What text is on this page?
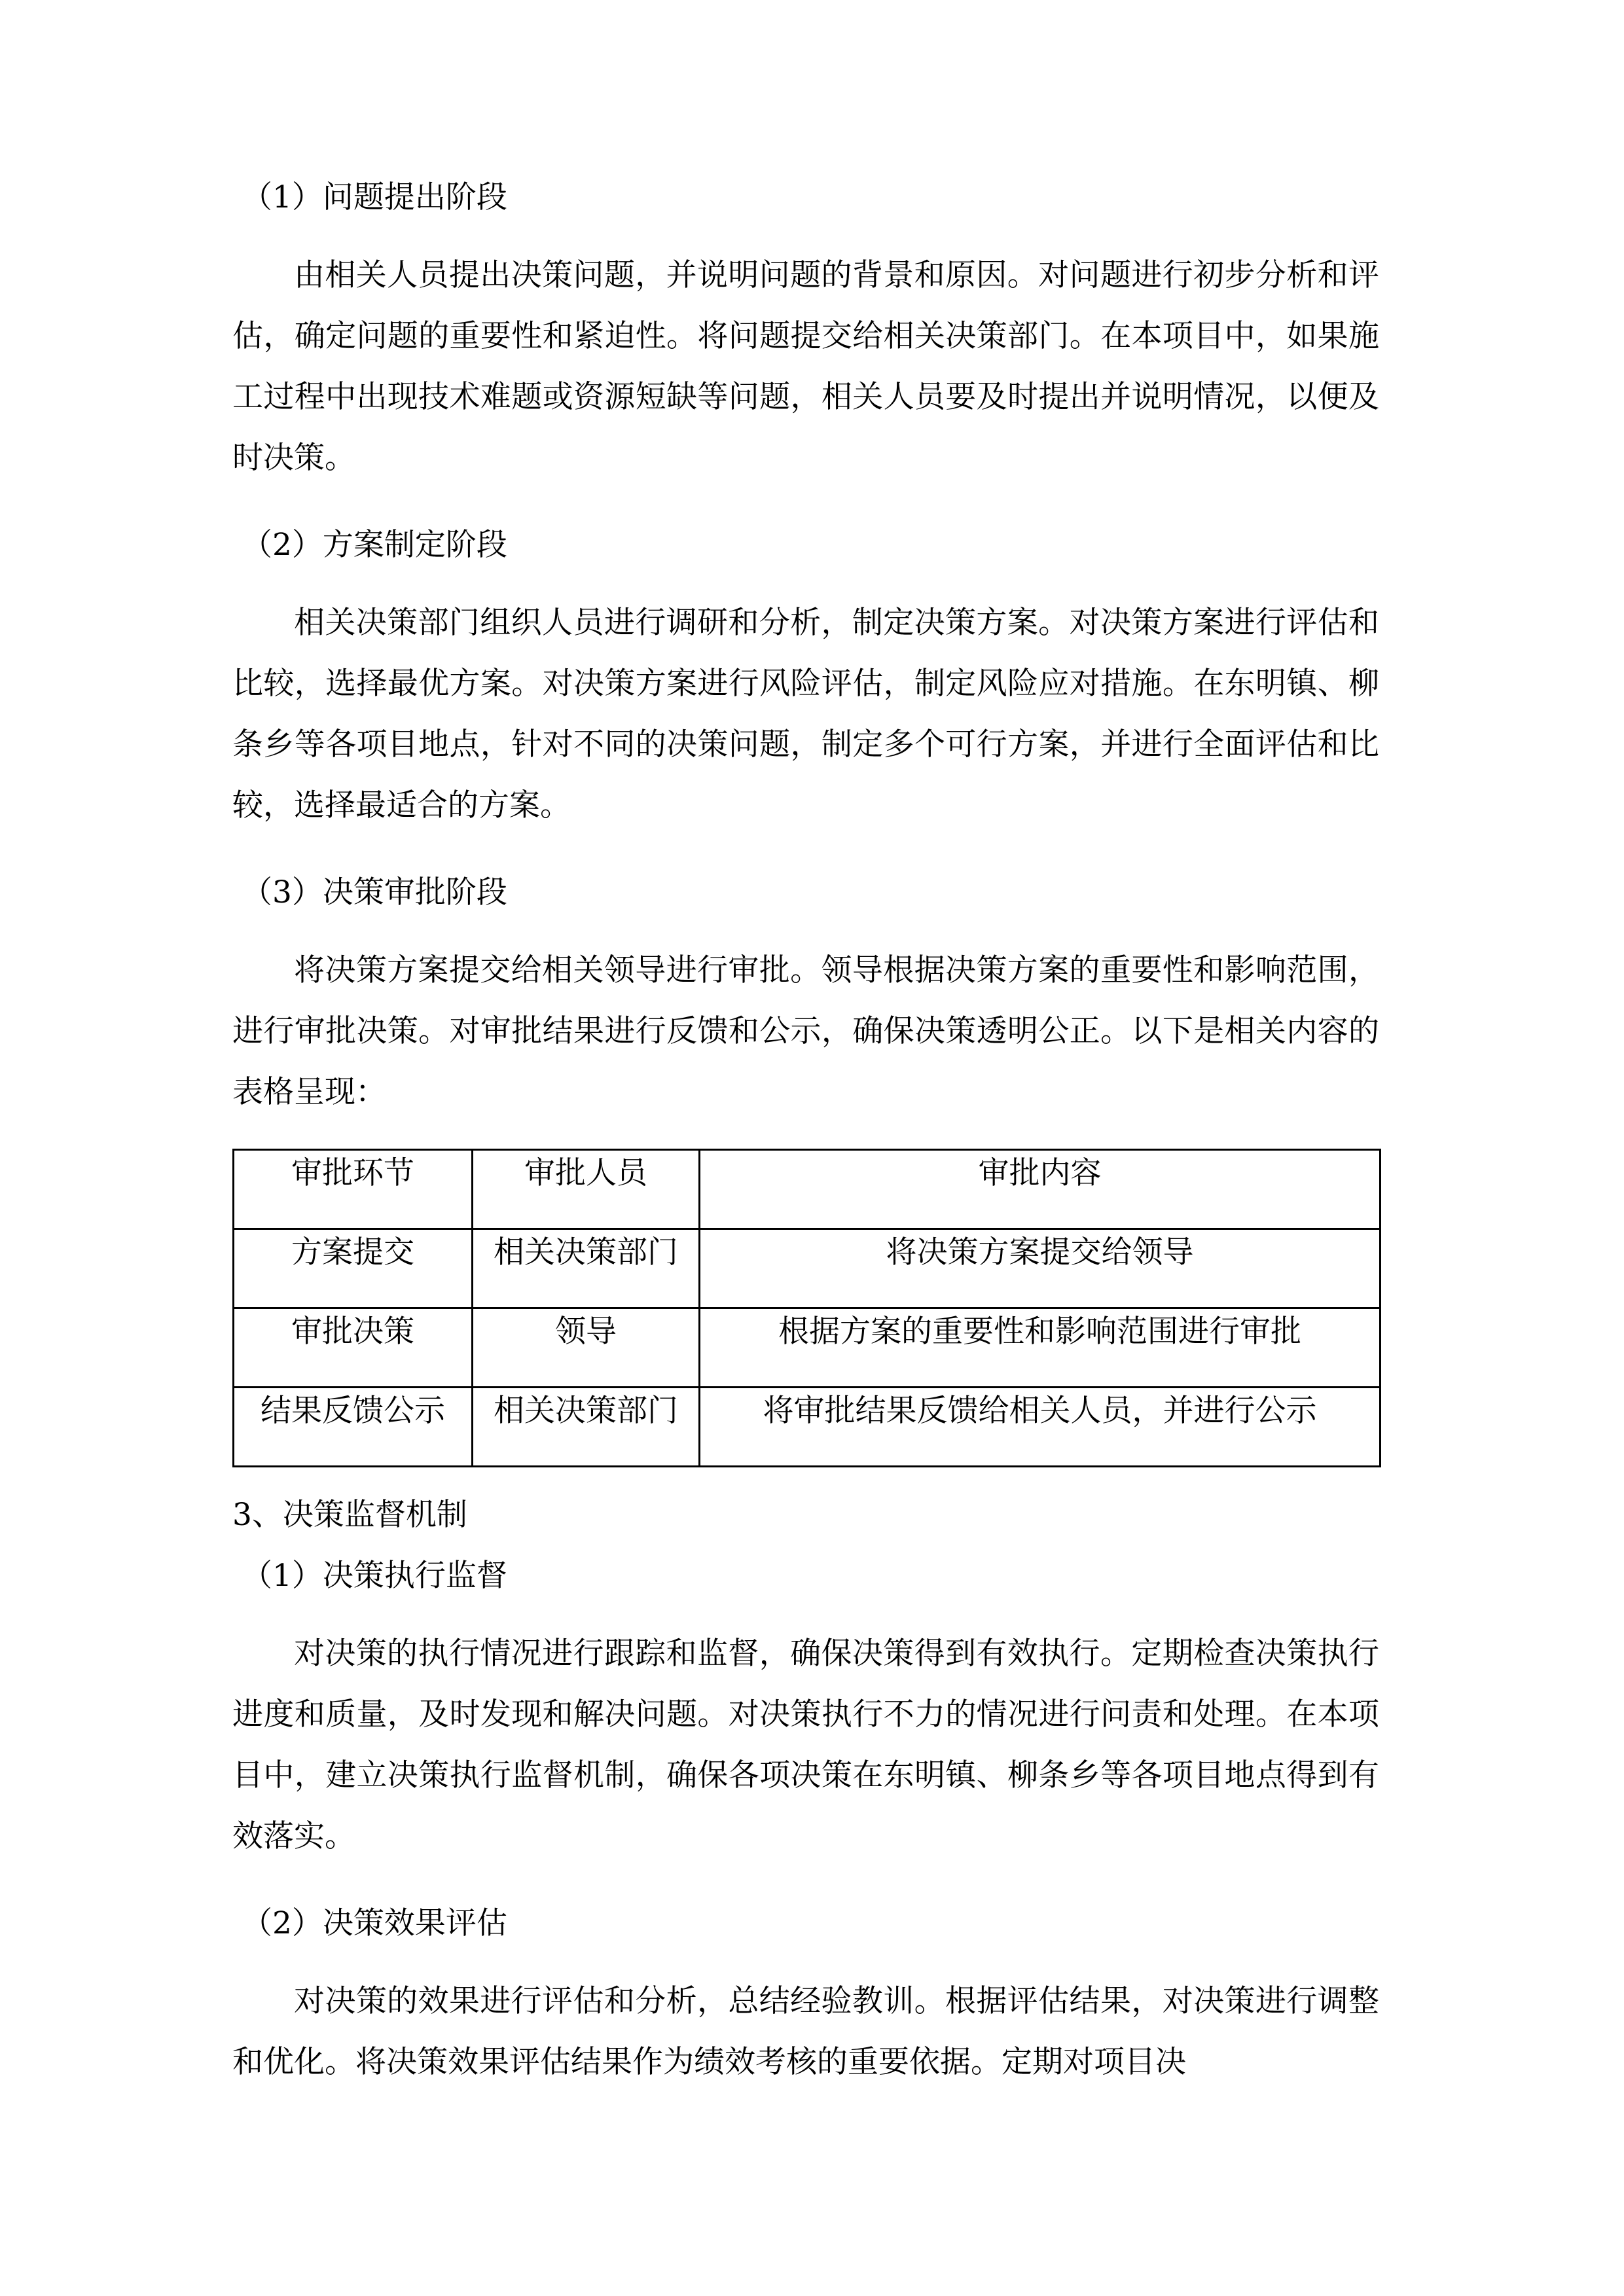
（1）问题提出阶段

由相关人员提出决策问题，并说明问题的背景和原因。对问题进行初步分析和评估，确定问题的重要性和紧迫性。将问题提交给相关决策部门。在本项目中，如果施工过程中出现技术难题或资源短缺等问题，相关人员要及时提出并说明情况，以便及时决策。

（2）方案制定阶段

相关决策部门组织人员进行调研和分析，制定决策方案。对决策方案进行评估和比较，选择最优方案。对决策方案进行风险评估，制定风险应对措施。在东明镇、柳条乡等各项目地点，针对不同的决策问题，制定多个可行方案，并进行全面评估和比较，选择最适合的方案。

（3）决策审批阶段

将决策方案提交给相关领导进行审批。领导根据决策方案的重要性和影响范围，进行审批决策。对审批结果进行反馈和公示，确保决策透明公正。以下是相关内容的表格呈现：

审批环节	审批人员	审批内容
方案提交	相关决策部门	将决策方案提交给领导
审批决策	领导	根据方案的重要性和影响范围进行审批
结果反馈公示	相关决策部门	将审批结果反馈给相关人员，并进行公示

3、决策监督机制

（1）决策执行监督

对决策的执行情况进行跟踪和监督，确保决策得到有效执行。定期检查决策执行进度和质量，及时发现和解决问题。对决策执行不力的情况进行问责和处理。在本项目中，建立决策执行监督机制，确保各项决策在东明镇、柳条乡等各项目地点得到有效落实。

（2）决策效果评估

对决策的效果进行评估和分析，总结经验教训。根据评估结果，对决策进行调整和优化。将决策效果评估结果作为绩效考核的重要依据。定期对项目决
